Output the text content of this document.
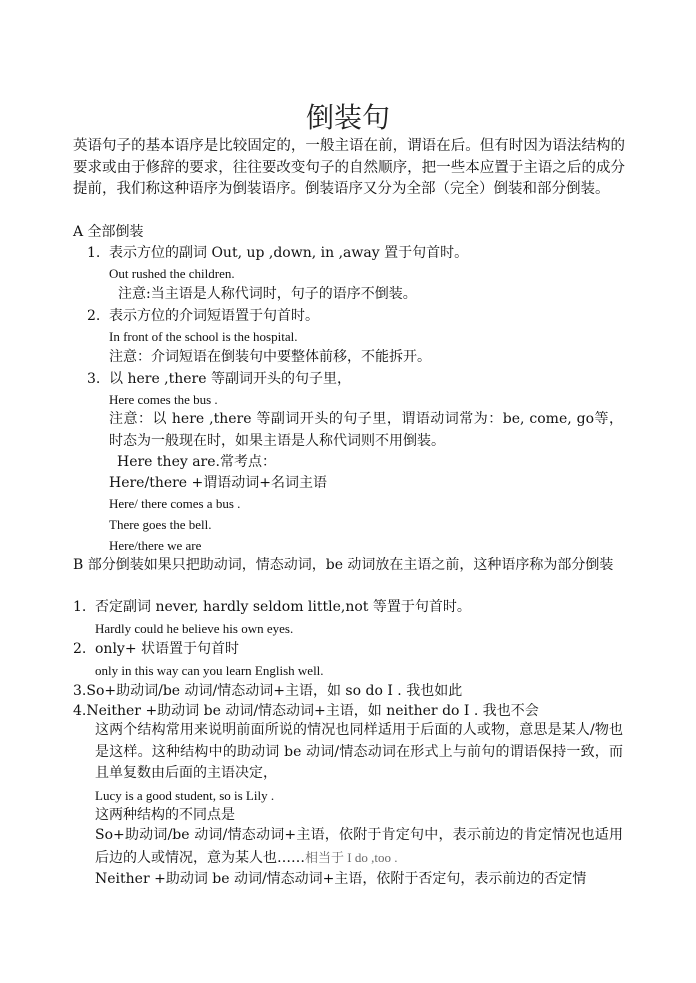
倒装句
英语句子的基本语序是比较固定的，一般主语在前，谓语在后。但有时因为语法结构的要求或由于修辞的要求，往往要改变句子的自然顺序，把一些本应置于主语之后的成分提前，我们称这种语序为倒装语序。倒装语序又分为全部（完全）倒装和部分倒装。
A 全部倒装
1. 表示方位的副词 Out, up ,down, in ,away 置于句首时。
Out rushed the children.
注意:当主语是人称代词时，句子的语序不倒装。
2. 表示方位的介词短语置于句首时。
In front of the school is the hospital.
注意：介词短语在倒装句中要整体前移，不能拆开。
3. 以 here ,there 等副词开头的句子里，
Here comes the bus .
注意：以 here ,there 等副词开头的句子里，谓语动词常为：be, come, go等，时态为一般现在时，如果主语是人称代词则不用倒装。
Here they are.常考点：
Here/there +谓语动词+名词主语
Here/ there comes a bus .
There goes the bell.
Here/there we are
B 部分倒装如果只把助动词，情态动词，be 动词放在主语之前，这种语序称为部分倒装
1. 否定副词 never, hardly seldom little,not 等置于句首时。
Hardly could he believe his own eyes.
2. only+ 状语置于句首时
only in this way can you learn English well.
3.So+助动词/be 动词/情态动词+主语，如 so do I . 我也如此
4.Neither +助动词 be 动词/情态动词+主语，如 neither do I . 我也不会
这两个结构常用来说明前面所说的情况也同样适用于后面的人或物，意思是某人/物也是这样。这种结构中的助动词 be 动词/情态动词在形式上与前句的谓语保持一致，而且单复数由后面的主语决定，
Lucy is a good student, so is Lily .
这两种结构的不同点是
So+助动词/be 动词/情态动词+主语，依附于肯定句中，表示前边的肯定情况也适用后边的人或情况，意为某人也……相当于 I do ,too .
Neither +助动词 be 动词/情态动词+主语，依附于否定句，表示前边的否定情
